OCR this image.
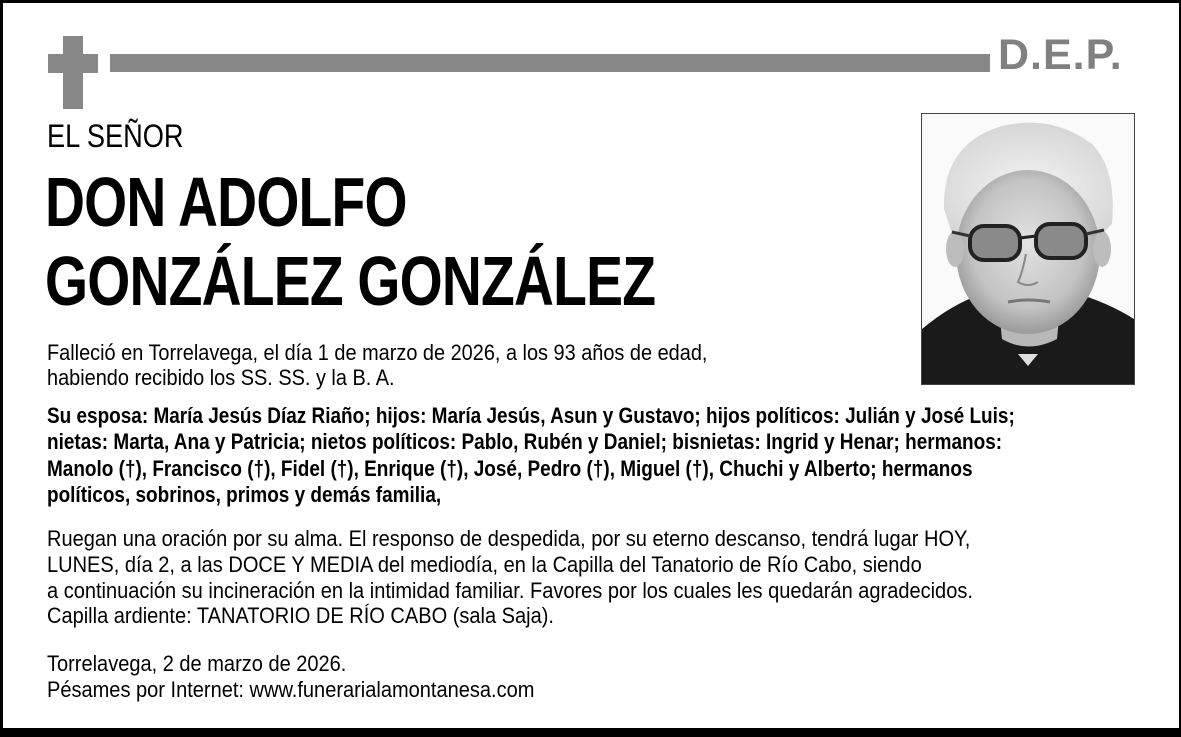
D.E.P.
EL SEÑOR
DON ADOLFO
GONZÁLEZ GONZÁLEZ
Falleció en Torrelavega, el día 1 de marzo de 2026, a los 93 años de edad,
habiendo recibido los SS. SS. y la B. A.
Su esposa: María Jesús Díaz Riaño; hijos: María Jesús, Asun y Gustavo; hijos políticos: Julián y José Luis;
nietas: Marta, Ana y Patricia; nietos políticos: Pablo, Rubén y Daniel; bisnietas: Ingrid y Henar; hermanos:
Manolo (†), Francisco (†), Fidel (†), Enrique (†), José, Pedro (†), Miguel (†), Chuchi y Alberto; hermanos
políticos, sobrinos, primos y demás familia,
Ruegan una oración por su alma. El responso de despedida, por su eterno descanso, tendrá lugar HOY,
LUNES, día 2, a las DOCE Y MEDIA del mediodía, en la Capilla del Tanatorio de Río Cabo, siendo
a continuación su incineración en la intimidad familiar. Favores por los cuales les quedarán agradecidos.
Capilla ardiente: TANATORIO DE RÍO CABO (sala Saja).
Torrelavega, 2 de marzo de 2026.
Pésames por Internet: www.funerarialamontanesa.com
